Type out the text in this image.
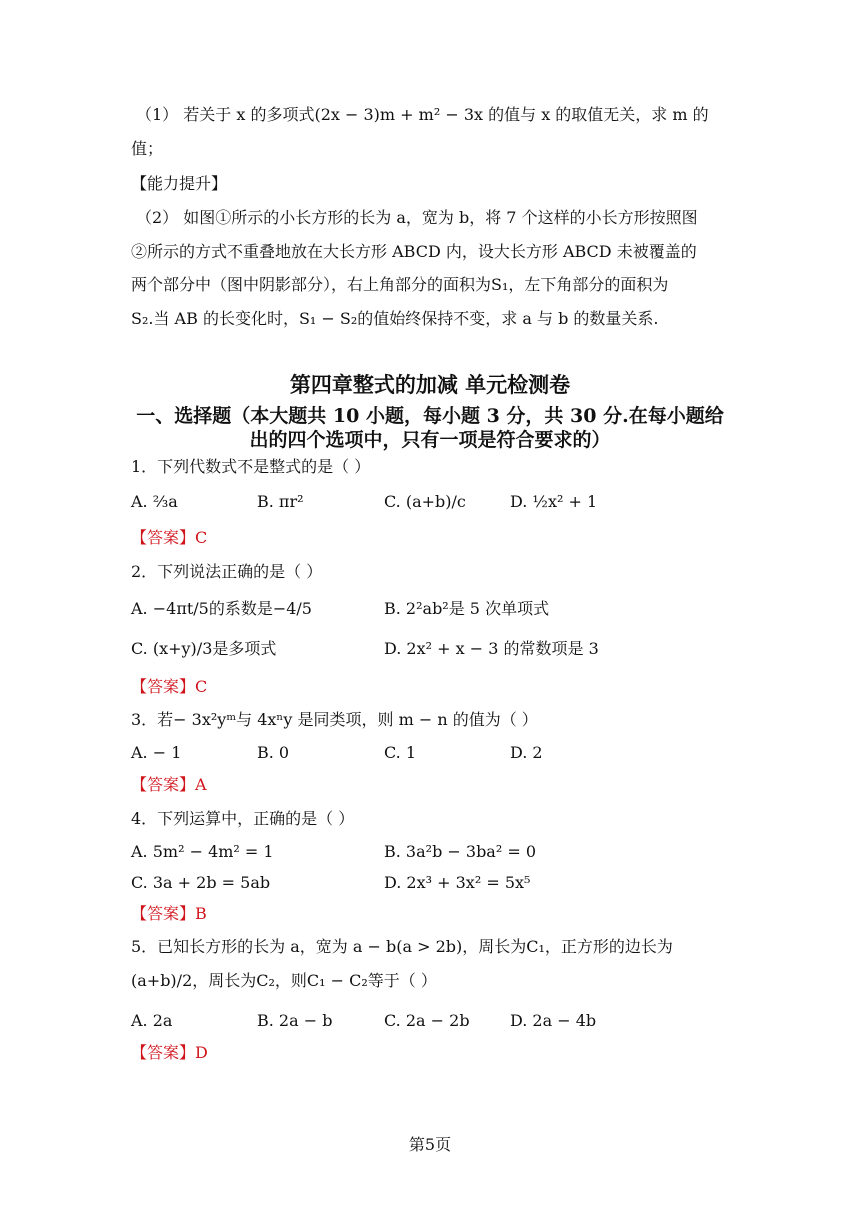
（1） 若关于 x 的多项式(2x − 3)m + m² − 3x 的值与 x 的取值无关，求 m 的
值；
【能力提升】
（2） 如图①所示的小长方形的长为 a，宽为 b，将 7 个这样的小长方形按照图
②所示的方式不重叠地放在大长方形 ABCD 内，设大长方形 ABCD 未被覆盖的
两个部分中（图中阴影部分），右上角部分的面积为S₁，左下角部分的面积为
S₂.当 AB 的长变化时，S₁ − S₂的值始终保持不变，求 a 与 b 的数量关系.
第四章整式的加减 单元检测卷
一、选择题（本大题共 10 小题，每小题 3 分，共 30 分.在每小题给
出的四个选项中，只有一项是符合要求的）
1．下列代数式不是整式的是（ ）
A. ⅔a	B. πr²	C. (a+b)/c	D. ½x² + 1
【答案】C
2．下列说法正确的是（ ）
A. −4πt/5的系数是−4/5	B. 2²ab²是 5 次单项式
C. (x+y)/3是多项式	D. 2x² + x − 3 的常数项是 3
【答案】C
3．若− 3x²yᵐ与 4xⁿy 是同类项，则 m − n 的值为（ ）
A. − 1	B. 0	C. 1	D. 2
【答案】A
4．下列运算中，正确的是（ ）
A. 5m² − 4m² = 1	B. 3a²b − 3ba² = 0
C. 3a + 2b = 5ab	D. 2x³ + 3x² = 5x⁵
【答案】B
5．已知长方形的长为 a，宽为 a − b(a > 2b)，周长为C₁，正方形的边长为
(a+b)/2，周长为C₂，则C₁ − C₂等于（ ）
A. 2a	B. 2a − b	C. 2a − 2b	D. 2a − 4b
【答案】D
第5页
